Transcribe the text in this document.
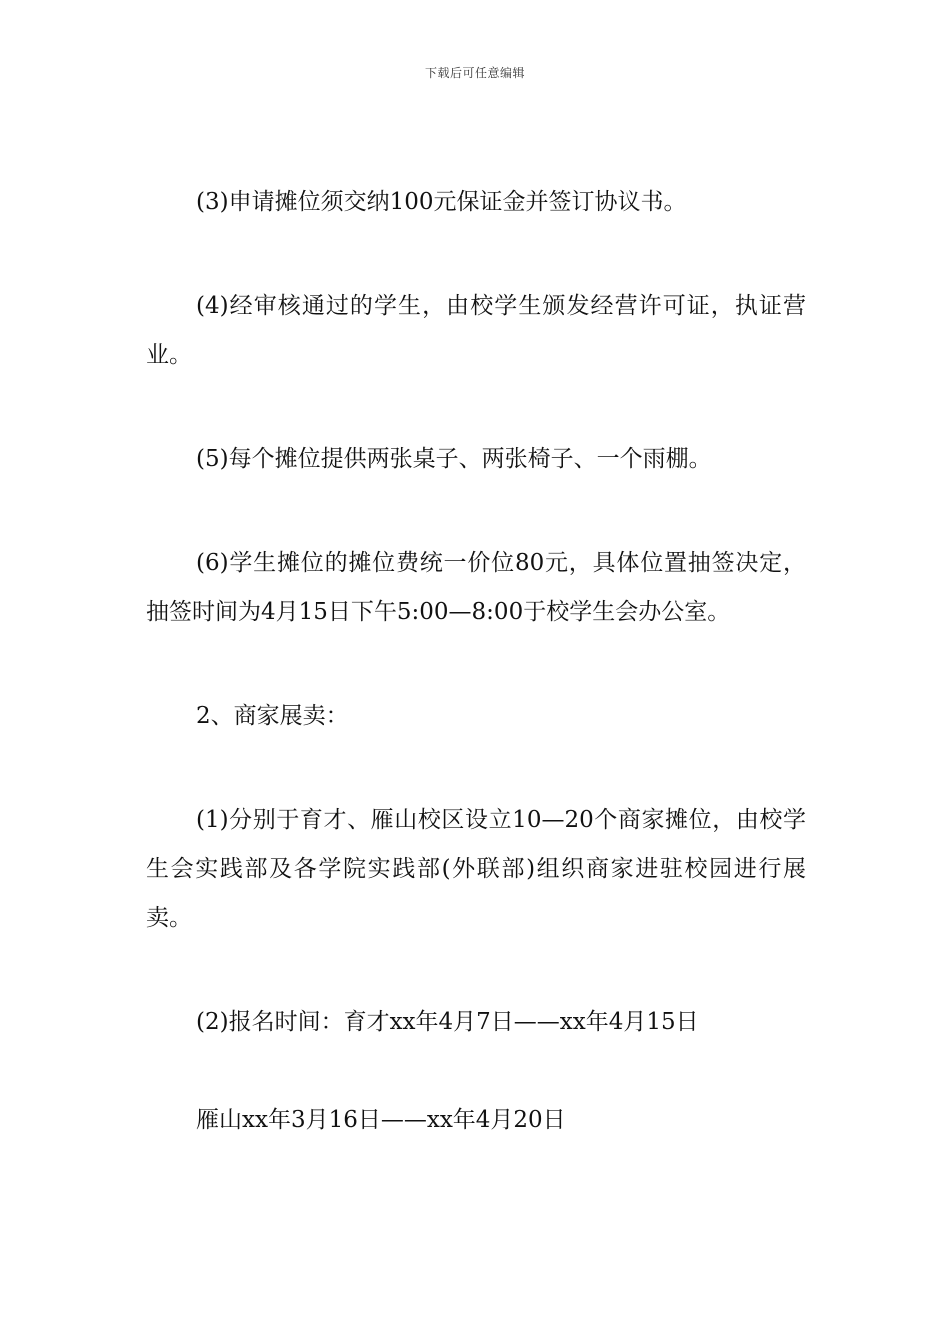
下载后可任意编辑

(3)申请摊位须交纳100元保证金并签订协议书。

(4)经审核通过的学生，由校学生颁发经营许可证，执证营业。

(5)每个摊位提供两张桌子、两张椅子、一个雨棚。

(6)学生摊位的摊位费统一价位80元，具体位置抽签决定，抽签时间为4月15日下午5:00—8:00于校学生会办公室。

2、商家展卖：

(1)分别于育才、雁山校区设立10—20个商家摊位，由校学生会实践部及各学院实践部(外联部)组织商家进驻校园进行展卖。

(2)报名时间：育才xx年4月7日——xx年4月15日

雁山xx年3月16日——xx年4月20日
